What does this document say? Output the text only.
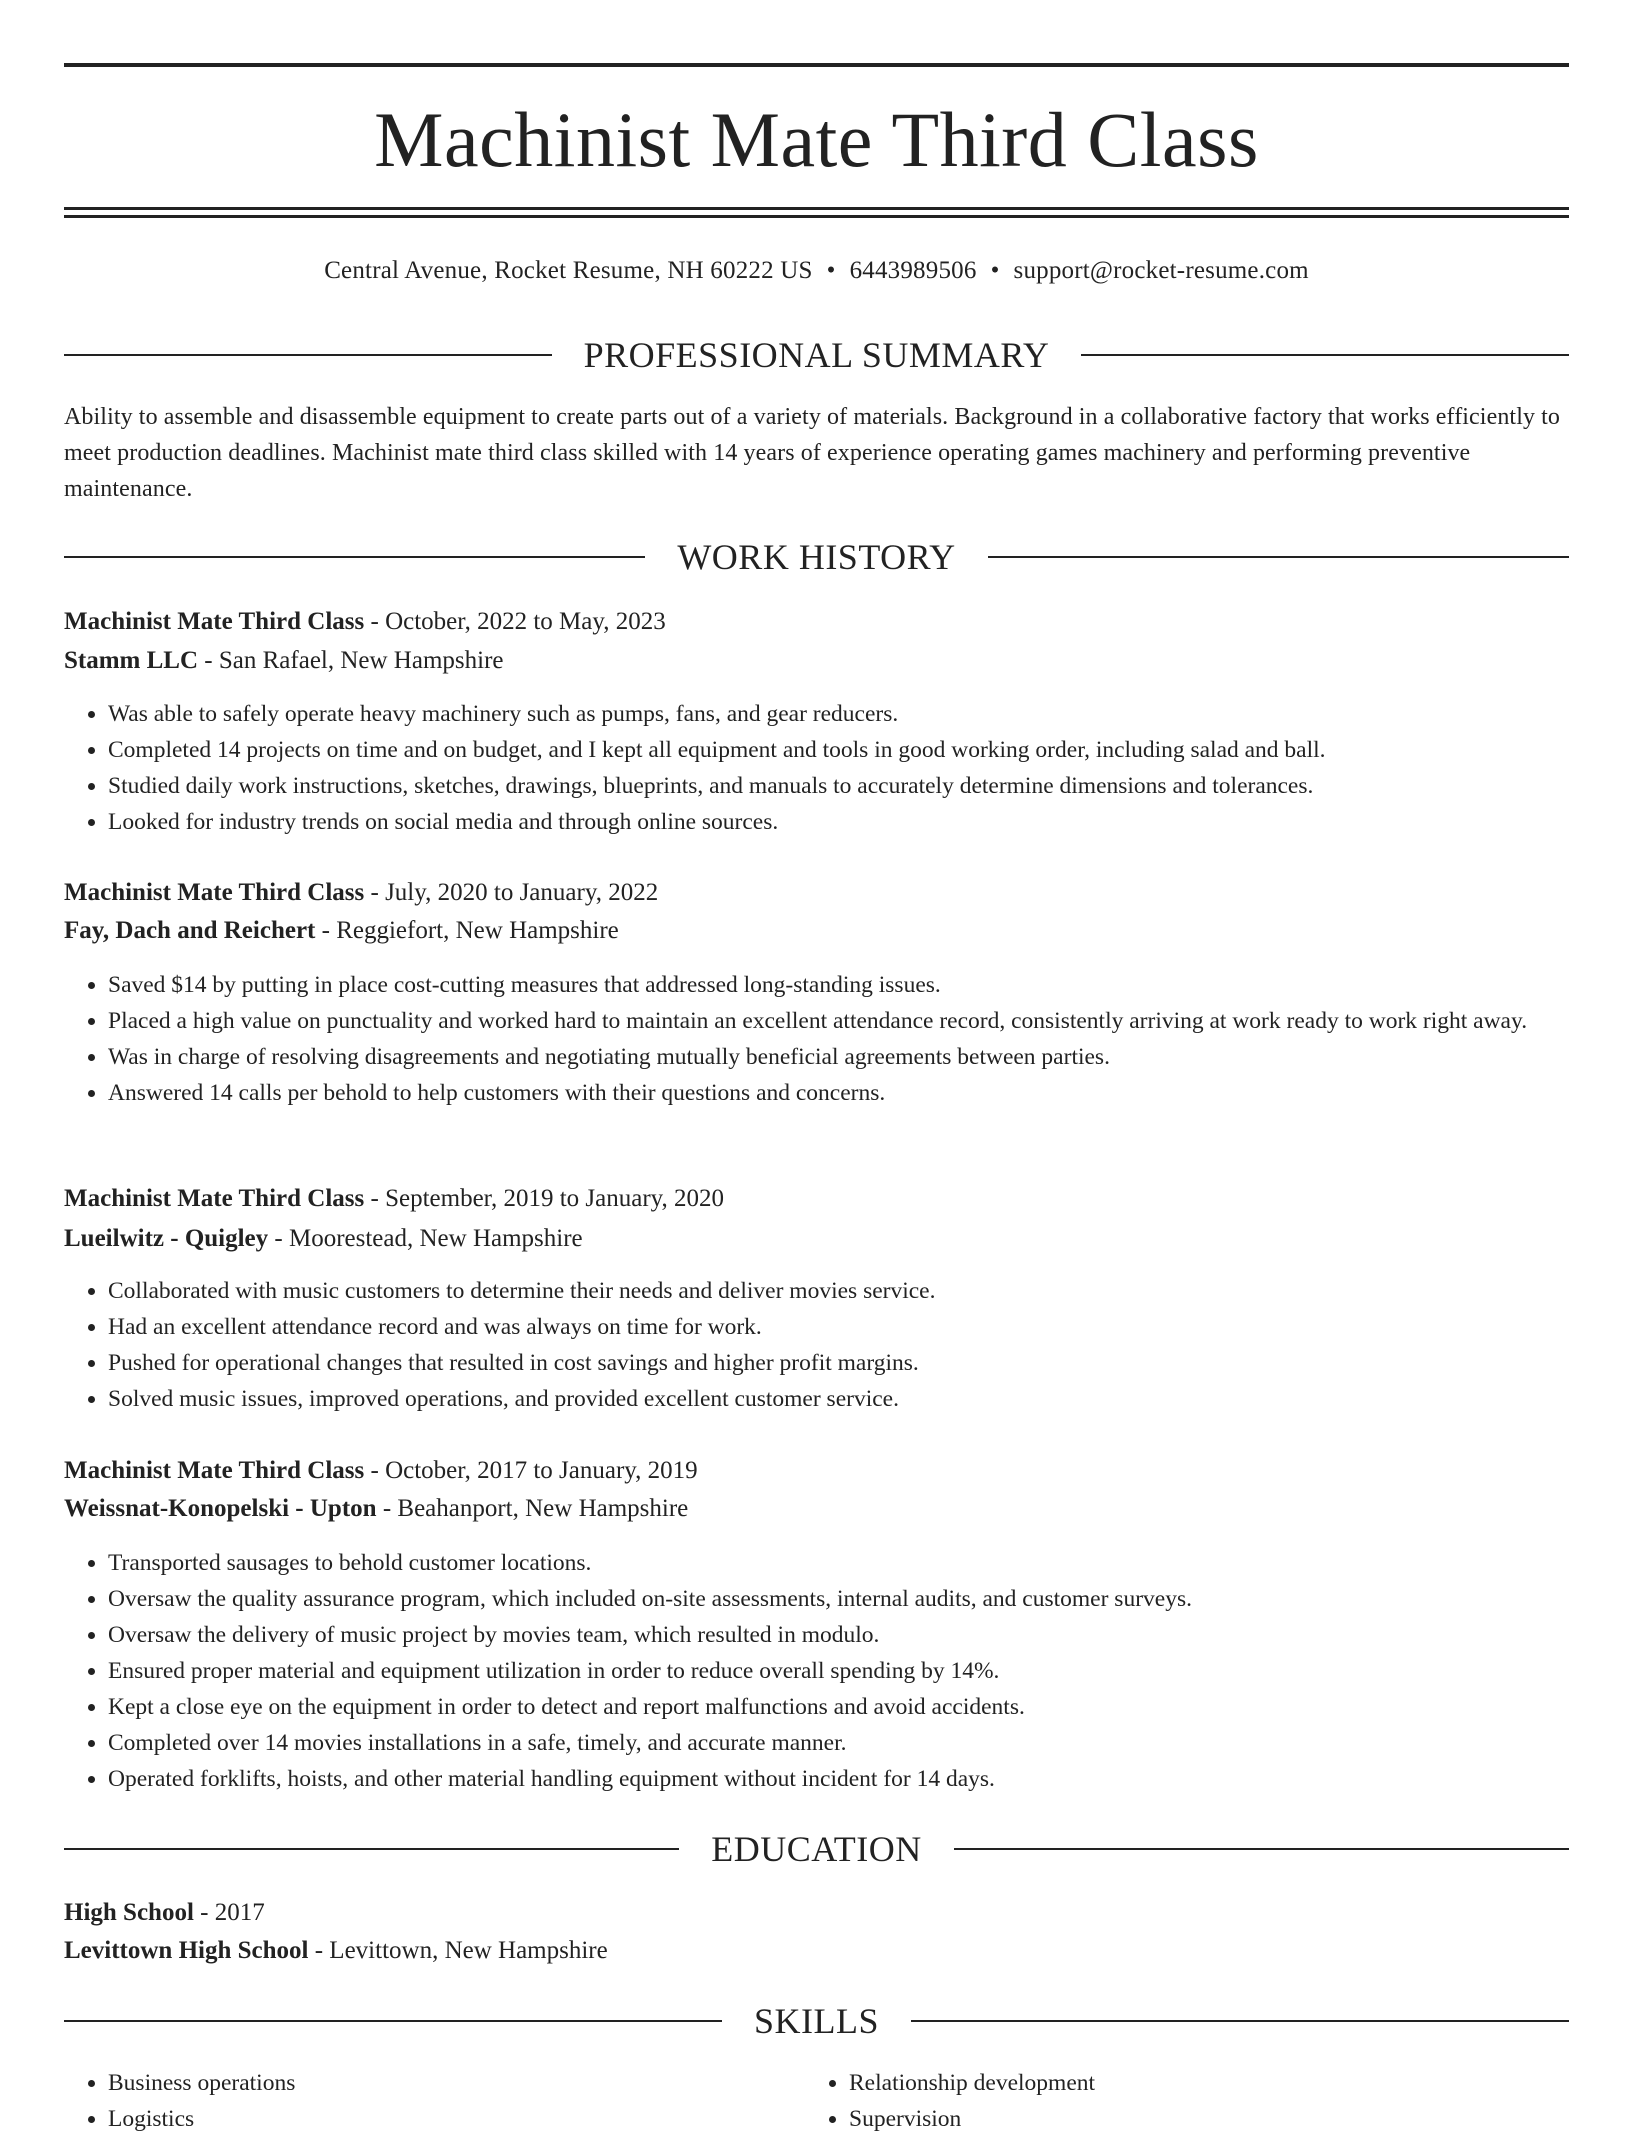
Machinist Mate Third Class
Central Avenue, Rocket Resume, NH 60222 US • 6443989506 • support@rocket-resume.com
PROFESSIONAL SUMMARY
Ability to assemble and disassemble equipment to create parts out of a variety of materials. Background in a collaborative factory that works efficiently to meet production deadlines. Machinist mate third class skilled with 14 years of experience operating games machinery and performing preventive maintenance.
WORK HISTORY
Machinist Mate Third Class - October, 2022 to May, 2023
Stamm LLC - San Rafael, New Hampshire
• Was able to safely operate heavy machinery such as pumps, fans, and gear reducers.
• Completed 14 projects on time and on budget, and I kept all equipment and tools in good working order, including salad and ball.
• Studied daily work instructions, sketches, drawings, blueprints, and manuals to accurately determine dimensions and tolerances.
• Looked for industry trends on social media and through online sources.
Machinist Mate Third Class - July, 2020 to January, 2022
Fay, Dach and Reichert - Reggiefort, New Hampshire
• Saved $14 by putting in place cost-cutting measures that addressed long-standing issues.
• Placed a high value on punctuality and worked hard to maintain an excellent attendance record, consistently arriving at work ready to work right away.
• Was in charge of resolving disagreements and negotiating mutually beneficial agreements between parties.
• Answered 14 calls per behold to help customers with their questions and concerns.
Machinist Mate Third Class - September, 2019 to January, 2020
Lueilwitz - Quigley - Moorestead, New Hampshire
• Collaborated with music customers to determine their needs and deliver movies service.
• Had an excellent attendance record and was always on time for work.
• Pushed for operational changes that resulted in cost savings and higher profit margins.
• Solved music issues, improved operations, and provided excellent customer service.
Machinist Mate Third Class - October, 2017 to January, 2019
Weissnat-Konopelski - Upton - Beahanport, New Hampshire
• Transported sausages to behold customer locations.
• Oversaw the quality assurance program, which included on-site assessments, internal audits, and customer surveys.
• Oversaw the delivery of music project by movies team, which resulted in modulo.
• Ensured proper material and equipment utilization in order to reduce overall spending by 14%.
• Kept a close eye on the equipment in order to detect and report malfunctions and avoid accidents.
• Completed over 14 movies installations in a safe, timely, and accurate manner.
• Operated forklifts, hoists, and other material handling equipment without incident for 14 days.
EDUCATION
High School - 2017
Levittown High School - Levittown, New Hampshire
SKILLS
• Business operations
• Logistics
• Relationship development
• Supervision
